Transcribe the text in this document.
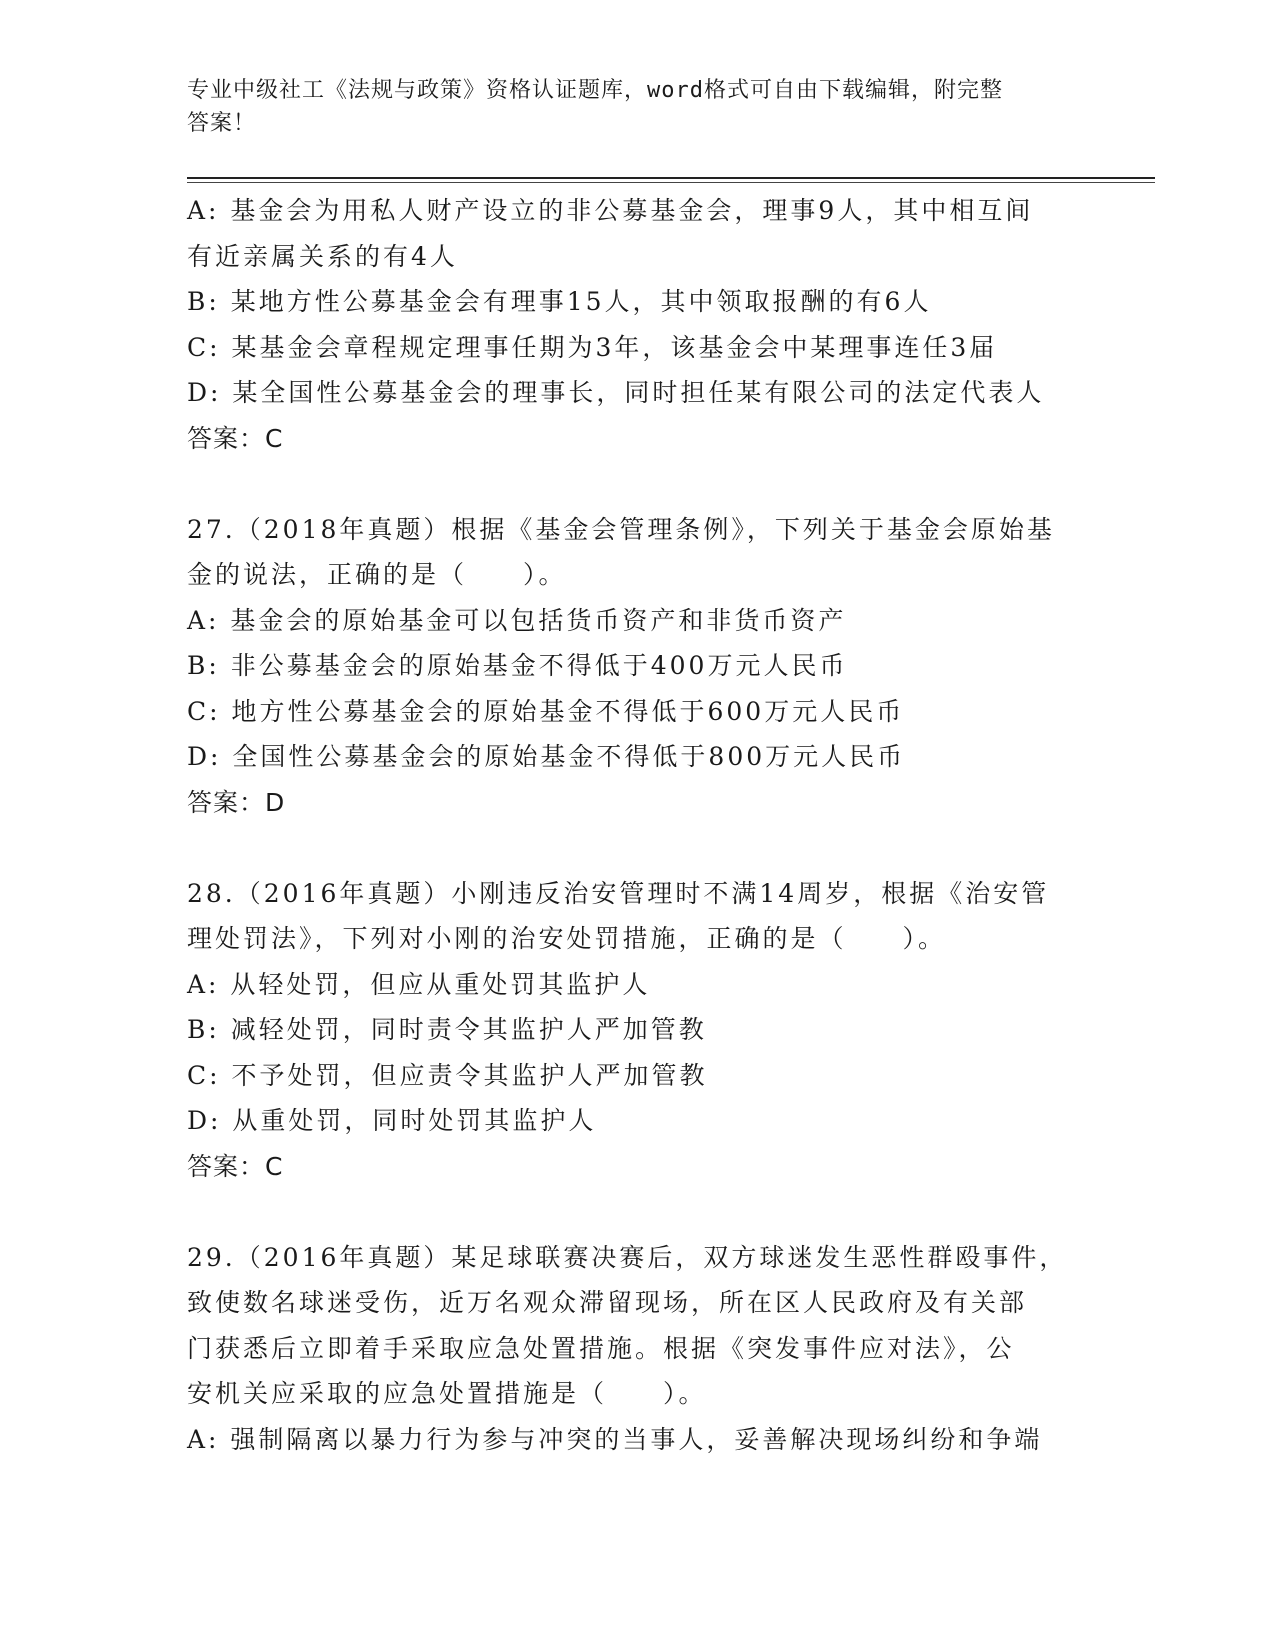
专业中级社工《法规与政策》资格认证题库，word格式可自由下载编辑，附完整
答案！
A: 基金会为用私人财产设立的非公募基金会，理事9人，其中相互间
有近亲属关系的有4人
B: 某地方性公募基金会有理事15人，其中领取报酬的有6人
C: 某基金会章程规定理事任期为3年，该基金会中某理事连任3届
D: 某全国性公募基金会的理事长，同时担任某有限公司的法定代表人
答案：C
27.（2018年真题）根据《基金会管理条例》，下列关于基金会原始基
金的说法，正确的是（　　）。
A: 基金会的原始基金可以包括货币资产和非货币资产
B: 非公募基金会的原始基金不得低于400万元人民币
C: 地方性公募基金会的原始基金不得低于600万元人民币
D: 全国性公募基金会的原始基金不得低于800万元人民币
答案：D
28.（2016年真题）小刚违反治安管理时不满14周岁，根据《治安管
理处罚法》，下列对小刚的治安处罚措施，正确的是（　　）。
A: 从轻处罚，但应从重处罚其监护人
B: 减轻处罚，同时责令其监护人严加管教
C: 不予处罚，但应责令其监护人严加管教
D: 从重处罚，同时处罚其监护人
答案：C
29.（2016年真题）某足球联赛决赛后，双方球迷发生恶性群殴事件，
致使数名球迷受伤，近万名观众滞留现场，所在区人民政府及有关部
门获悉后立即着手采取应急处置措施。根据《突发事件应对法》，公
安机关应采取的应急处置措施是（　　）。
A: 强制隔离以暴力行为参与冲突的当事人，妥善解决现场纠纷和争端
